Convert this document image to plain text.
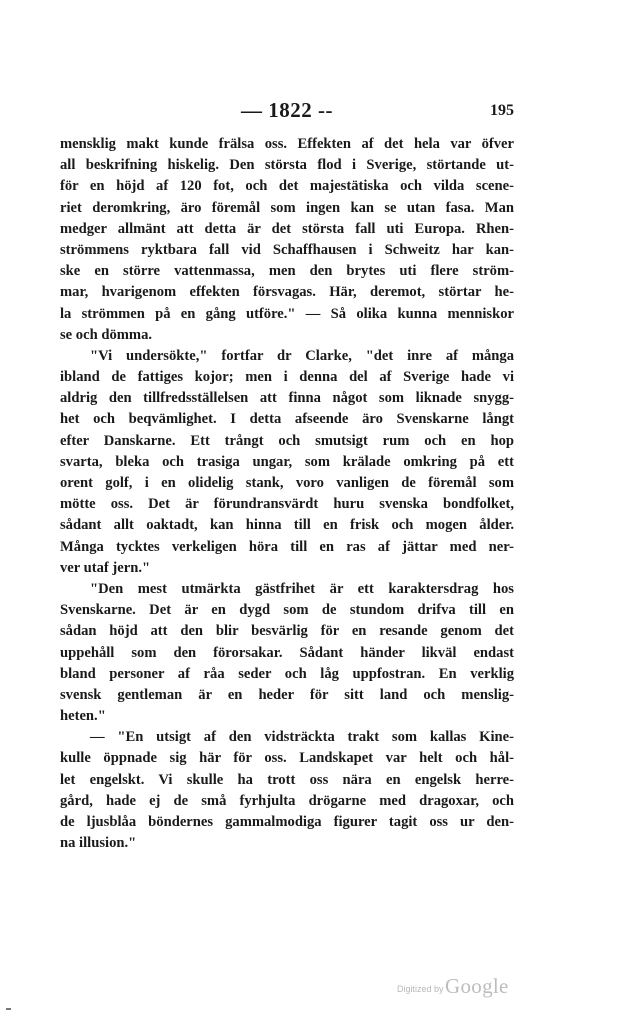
— 1822 --	195
mensklig makt kunde frälsa oss. Effekten af det hela var öfver
all beskrifning hiskelig. Den största flod i Sverige, störtande ut-
för en höjd af 120 fot, och det majestätiska och vilda scene-
riet deromkring, äro föremål som ingen kan se utan fasa. Man
medger allmänt att detta är det största fall uti Europa. Rhen-
strömmens ryktbara fall vid Schaffhausen i Schweitz har kan-
ske en större vattenmassa, men den brytes uti flere ström-
mar, hvarigenom effekten försvagas. Här, deremot, störtar he-
la strömmen på en gång utföre." — Så olika kunna menniskor
se och dömma.
"Vi undersökte," fortfar dr Clarke, "det inre af många
ibland de fattiges kojor; men i denna del af Sverige hade vi
aldrig den tillfredsställelsen att finna något som liknade snygg-
het och beqvämlighet. I detta afseende äro Svenskarne långt
efter Danskarne. Ett trångt och smutsigt rum och en hop
svarta, bleka och trasiga ungar, som krälade omkring på ett
orent golf, i en olidelig stank, voro vanligen de föremål som
mötte oss. Det är förundransvärdt huru svenska bondfolket,
sådant allt oaktadt, kan hinna till en frisk och mogen ålder.
Många tycktes verkeligen höra till en ras af jättar med ner-
ver utaf jern."
"Den mest utmärkta gästfrihet är ett karaktersdrag hos
Svenskarne. Det är en dygd som de stundom drifva till en
sådan höjd att den blir besvärlig för en resande genom det
uppehåll som den förorsakar. Sådant händer likväl endast
bland personer af råa seder och låg uppfostran. En verklig
svensk gentleman är en heder för sitt land och menslig-
heten."
— "En utsigt af den vidsträckta trakt som kallas Kine-
kulle öppnade sig här för oss. Landskapet var helt och hål-
let engelskt. Vi skulle ha trott oss nära en engelsk herre-
gård, hade ej de små fyrhjulta drögarne med dragoxar, och
de ljusblåa böndernes gammalmodiga figurer tagit oss ur den-
na illusion."
Digitized by Google
